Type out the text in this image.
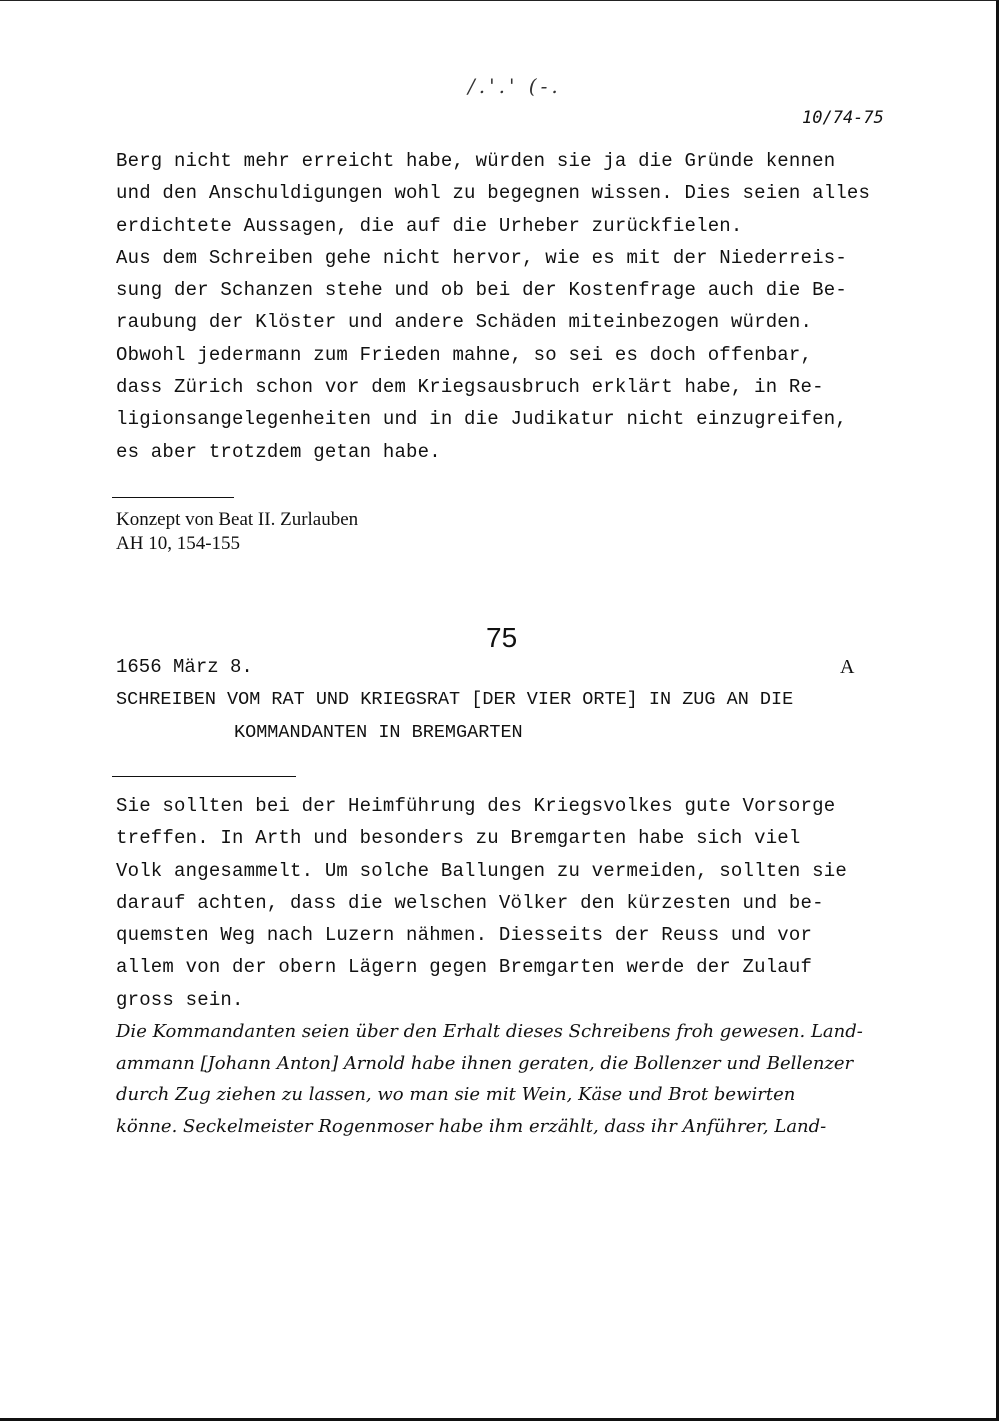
/.'.' (-.
10/74-75
Berg nicht mehr erreicht habe, würden sie ja die Gründe kennen
und den Anschuldigungen wohl zu begegnen wissen. Dies seien alles
erdichtete Aussagen, die auf die Urheber zurückfielen.
Aus dem Schreiben gehe nicht hervor, wie es mit der Niederreis-
sung der Schanzen stehe und ob bei der Kostenfrage auch die Be-
raubung der Klöster und andere Schäden miteinbezogen würden.
Obwohl jedermann zum Frieden mahne, so sei es doch offenbar,
dass Zürich schon vor dem Kriegsausbruch erklärt habe, in Re-
ligionsangelegenheiten und in die Judikatur nicht einzugreifen,
es aber trotzdem getan habe.
Konzept von Beat II. Zurlauben
AH 10, 154-155
75
1656 März 8.	A
SCHREIBEN VOM RAT UND KRIEGSRAT [DER VIER ORTE] IN ZUG AN DIE
KOMMANDANTEN IN BREMGARTEN
Sie sollten bei der Heimführung des Kriegsvolkes gute Vorsorge
treffen. In Arth und besonders zu Bremgarten habe sich viel
Volk angesammelt. Um solche Ballungen zu vermeiden, sollten sie
darauf achten, dass die welschen Völker den kürzesten und be-
quemsten Weg nach Luzern nähmen. Diesseits der Reuss und vor
allem von der obern Lägern gegen Bremgarten werde der Zulauf
gross sein.
Die Kommandanten seien über den Erhalt dieses Schreibens froh gewesen. Land-
ammann [Johann Anton] Arnold habe ihnen geraten, die Bollenzer und Bellenzer
durch Zug ziehen zu lassen, wo man sie mit Wein, Käse und Brot bewirten
könne. Seckelmeister Rogenmoser habe ihm erzählt, dass ihr Anführer, Land-
